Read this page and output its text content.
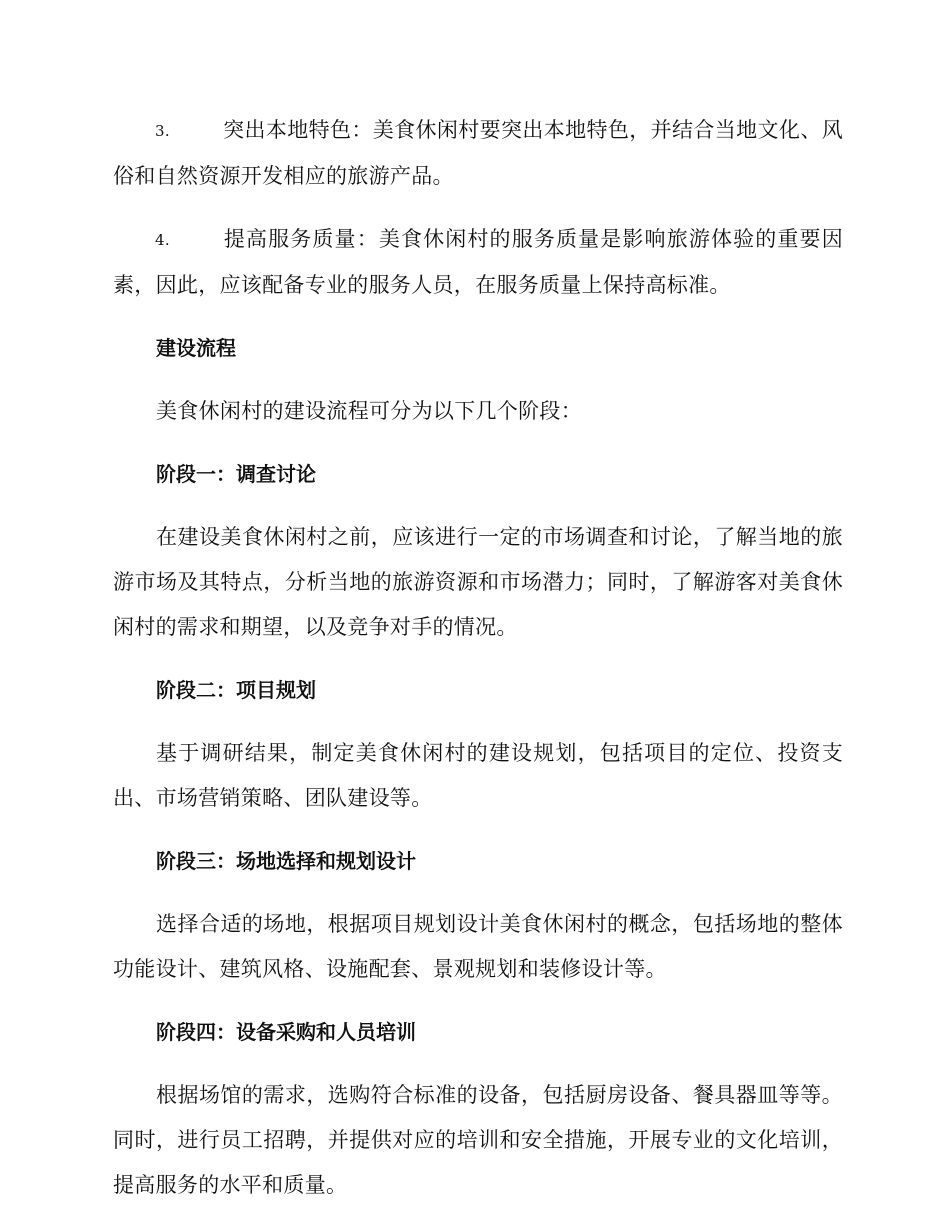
3.	突出本地特色：美食休闲村要突出本地特色，并结合当地文化、风俗和自然资源开发相应的旅游产品。

4.	提高服务质量：美食休闲村的服务质量是影响旅游体验的重要因素，因此，应该配备专业的服务人员，在服务质量上保持高标准。

建设流程

美食休闲村的建设流程可分为以下几个阶段：

阶段一：调查讨论

在建设美食休闲村之前，应该进行一定的市场调查和讨论，了解当地的旅游市场及其特点，分析当地的旅游资源和市场潜力；同时，了解游客对美食休闲村的需求和期望，以及竞争对手的情况。

阶段二：项目规划

基于调研结果，制定美食休闲村的建设规划，包括项目的定位、投资支出、市场营销策略、团队建设等。

阶段三：场地选择和规划设计

选择合适的场地，根据项目规划设计美食休闲村的概念，包括场地的整体功能设计、建筑风格、设施配套、景观规划和装修设计等。

阶段四：设备采购和人员培训

根据场馆的需求，选购符合标准的设备，包括厨房设备、餐具器皿等等。同时，进行员工招聘，并提供对应的培训和安全措施，开展专业的文化培训，提高服务的水平和质量。
